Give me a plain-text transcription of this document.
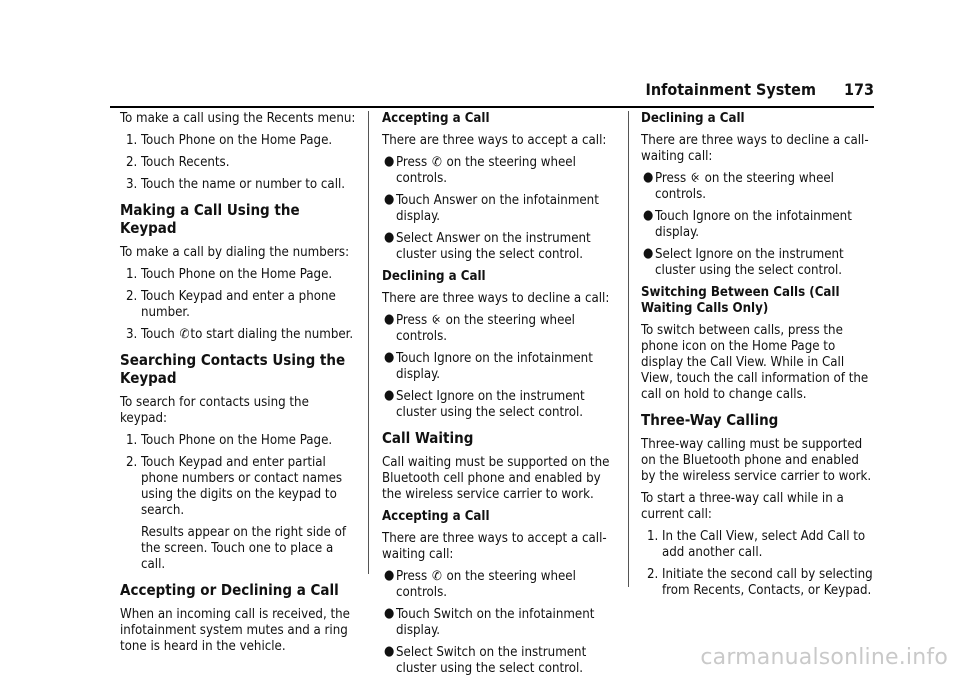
Infotainment System 173

To make a call using the Recents menu:

1. Touch Phone on the Home Page.
2. Touch Recents.
3. Touch the name or number to call.
Making a Call Using the Keypad

To make a call by dialing the numbers:

1. Touch Phone on the Home Page.
2. Touch Keypad and enter a phone number.
3. Touch ✆to start dialing the number.
Searching Contacts Using the Keypad

To search for contacts using the keypad:

1. Touch Phone on the Home Page.
2. Touch Keypad and enter partial phone numbers or contact names using the digits on the keypad to search.
Results appear on the right side of the screen. Touch one to place a call.
Accepting or Declining a Call

When an incoming call is received, the infotainment system mutes and a ring tone is heard in the vehicle.

Accepting a Call

There are three ways to accept a call:

● Press ✆ on the steering wheel controls.
● Touch Answer on the infotainment display.
● Select Answer on the instrument cluster using the select control.

Declining a Call

There are three ways to decline a call:

● Press ⨴ on the steering wheel controls.
● Touch Ignore on the infotainment display.
● Select Ignore on the instrument cluster using the select control.
Call Waiting

Call waiting must be supported on the Bluetooth cell phone and enabled by the wireless service carrier to work.

Accepting a Call

There are three ways to accept a call-waiting call:

● Press ✆ on the steering wheel controls.
● Touch Switch on the infotainment display.
● Select Switch on the instrument cluster using the select control.

Declining a Call

There are three ways to decline a call-waiting call:

● Press ⨴ on the steering wheel controls.
● Touch Ignore on the infotainment display.
● Select Ignore on the instrument cluster using the select control.

Switching Between Calls (Call Waiting Calls Only)

To switch between calls, press the phone icon on the Home Page to display the Call View. While in Call View, touch the call information of the call on hold to change calls.

Three-Way Calling

Three-way calling must be supported on the Bluetooth phone and enabled by the wireless service carrier to work.

To start a three-way call while in a current call:

1. In the Call View, select Add Call to add another call.
2. Initiate the second call by selecting from Recents, Contacts, or Keypad.
carmanualsonline.info
